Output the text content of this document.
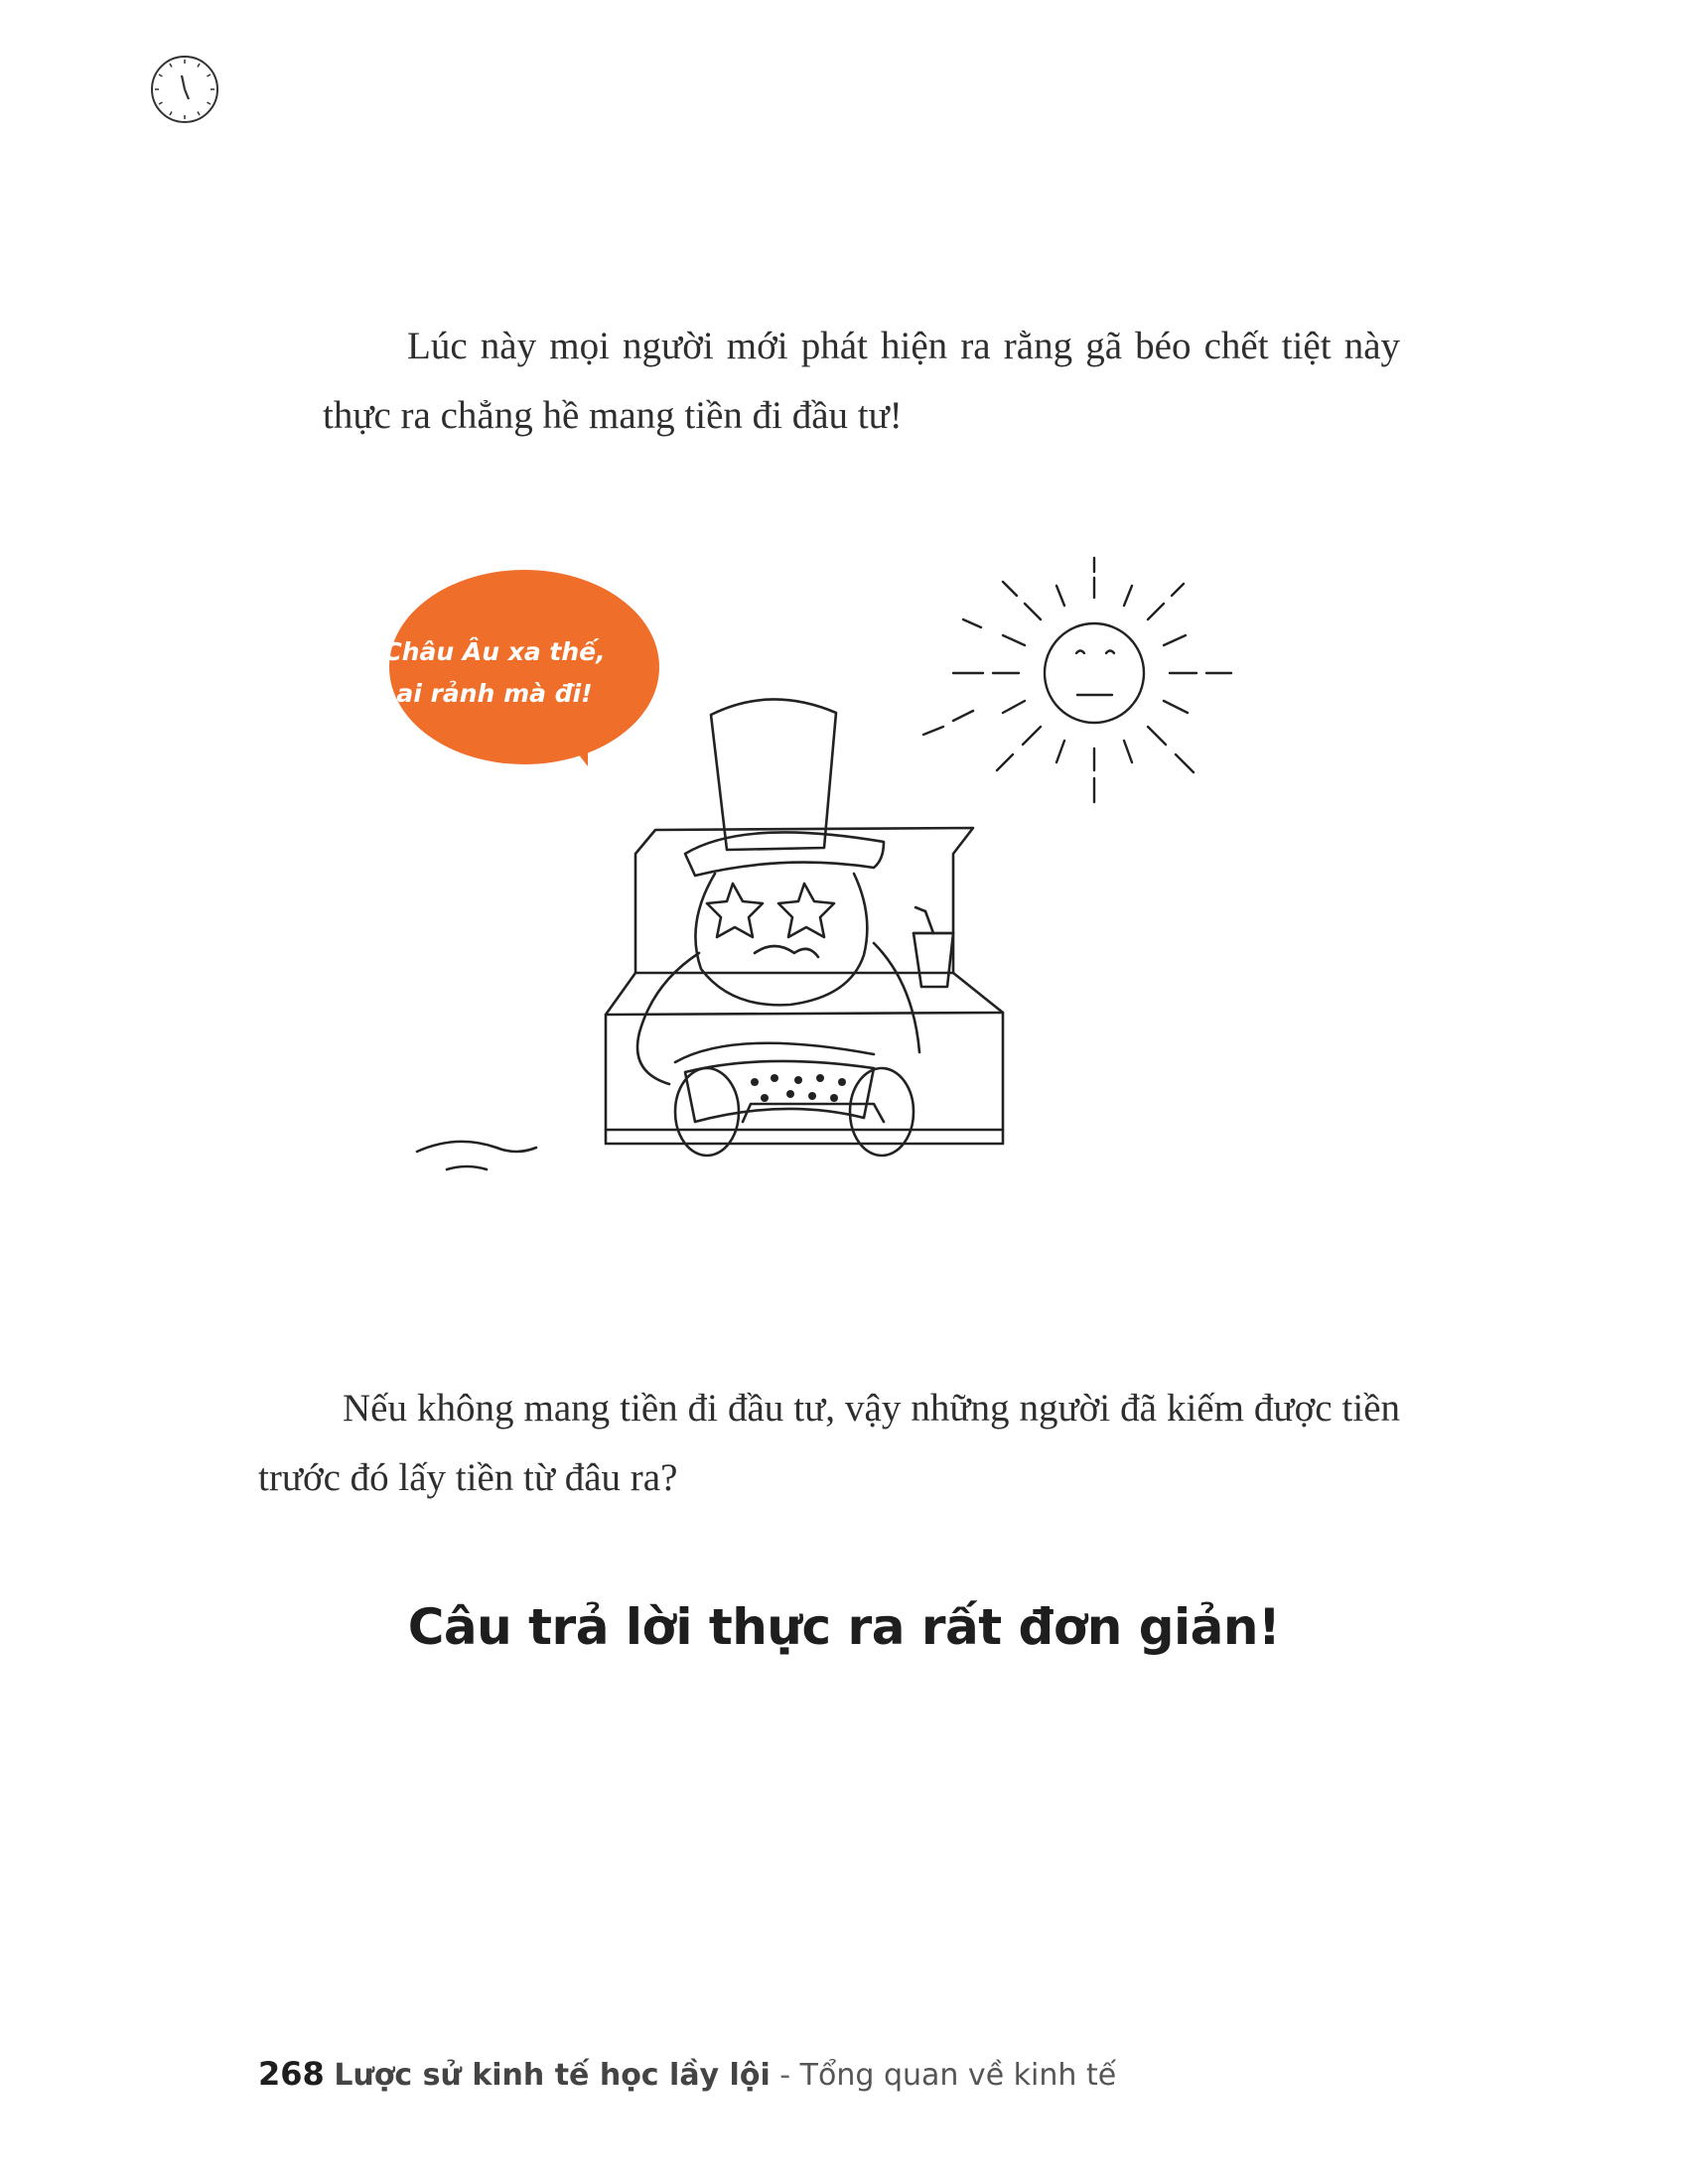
Lúc này mọi người mới phát hiện ra rằng gã béo chết tiệt này thực ra chẳng hề mang tiền đi đầu tư!

Châu Âu xa thế,
ai rảnh mà đi!

Nếu không mang tiền đi đầu tư, vậy những người đã kiếm được tiền trước đó lấy tiền từ đâu ra?

Câu trả lời thực ra rất đơn giản!
268 Lược sử kinh tế học lầy lội - Tổng quan về kinh tế
